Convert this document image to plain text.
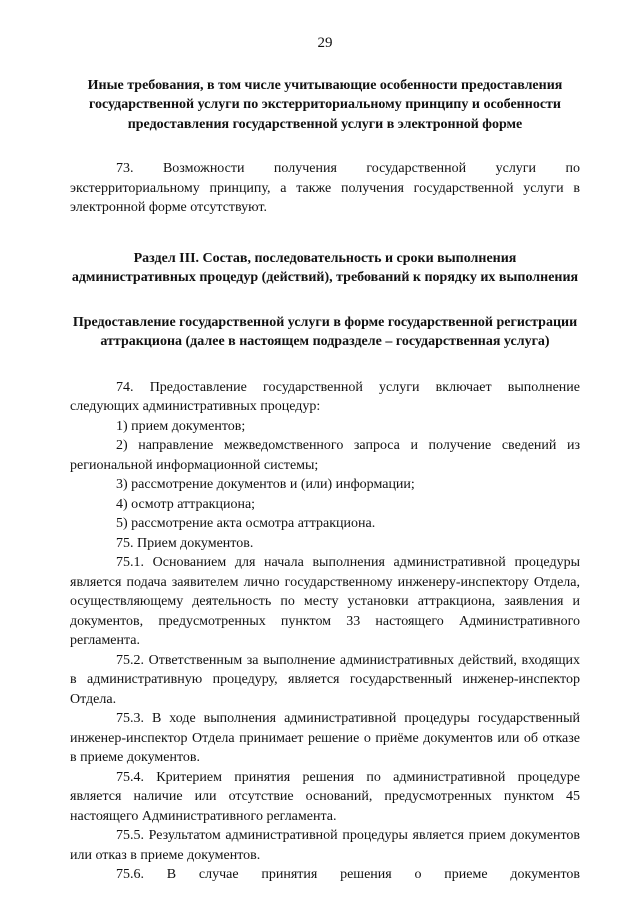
29
Иные требования, в том числе учитывающие особенности предоставления государственной услуги по экстерриториальному принципу и особенности предоставления государственной услуги в электронной форме

73. Возможности получения государственной услуги по экстерриториальному принципу, а также получения государственной услуги в электронной форме отсутствуют.

Раздел III. Состав, последовательность и сроки выполнения административных процедур (действий), требований к порядку их выполнения
Предоставление государственной услуги в форме государственной регистрации аттракциона (далее в настоящем подразделе – государственная услуга)

74. Предоставление государственной услуги включает выполнение следующих административных процедур:

1) прием документов;

2) направление межведомственного запроса и получение сведений из региональной информационной системы;

3) рассмотрение документов и (или) информации;

4) осмотр аттракциона;

5) рассмотрение акта осмотра аттракциона.

75. Прием документов.

75.1. Основанием для начала выполнения административной процедуры является подача заявителем лично государственному инженеру-инспектору Отдела, осуществляющему деятельность по месту установки аттракциона, заявления и документов, предусмотренных пунктом 33 настоящего Административного регламента.

75.2. Ответственным за выполнение административных действий, входящих в административную процедуру, является государственный инженер-инспектор Отдела.

75.3. В ходе выполнения административной процедуры государственный инженер-инспектор Отдела принимает решение о приёме документов или об отказе в приеме документов.

75.4. Критерием принятия решения по административной процедуре является наличие или отсутствие оснований, предусмотренных пунктом 45 настоящего Административного регламента.

75.5. Результатом административной процедуры является прием документов или отказ в приеме документов.

75.6. В случае принятия решения о приеме документов
